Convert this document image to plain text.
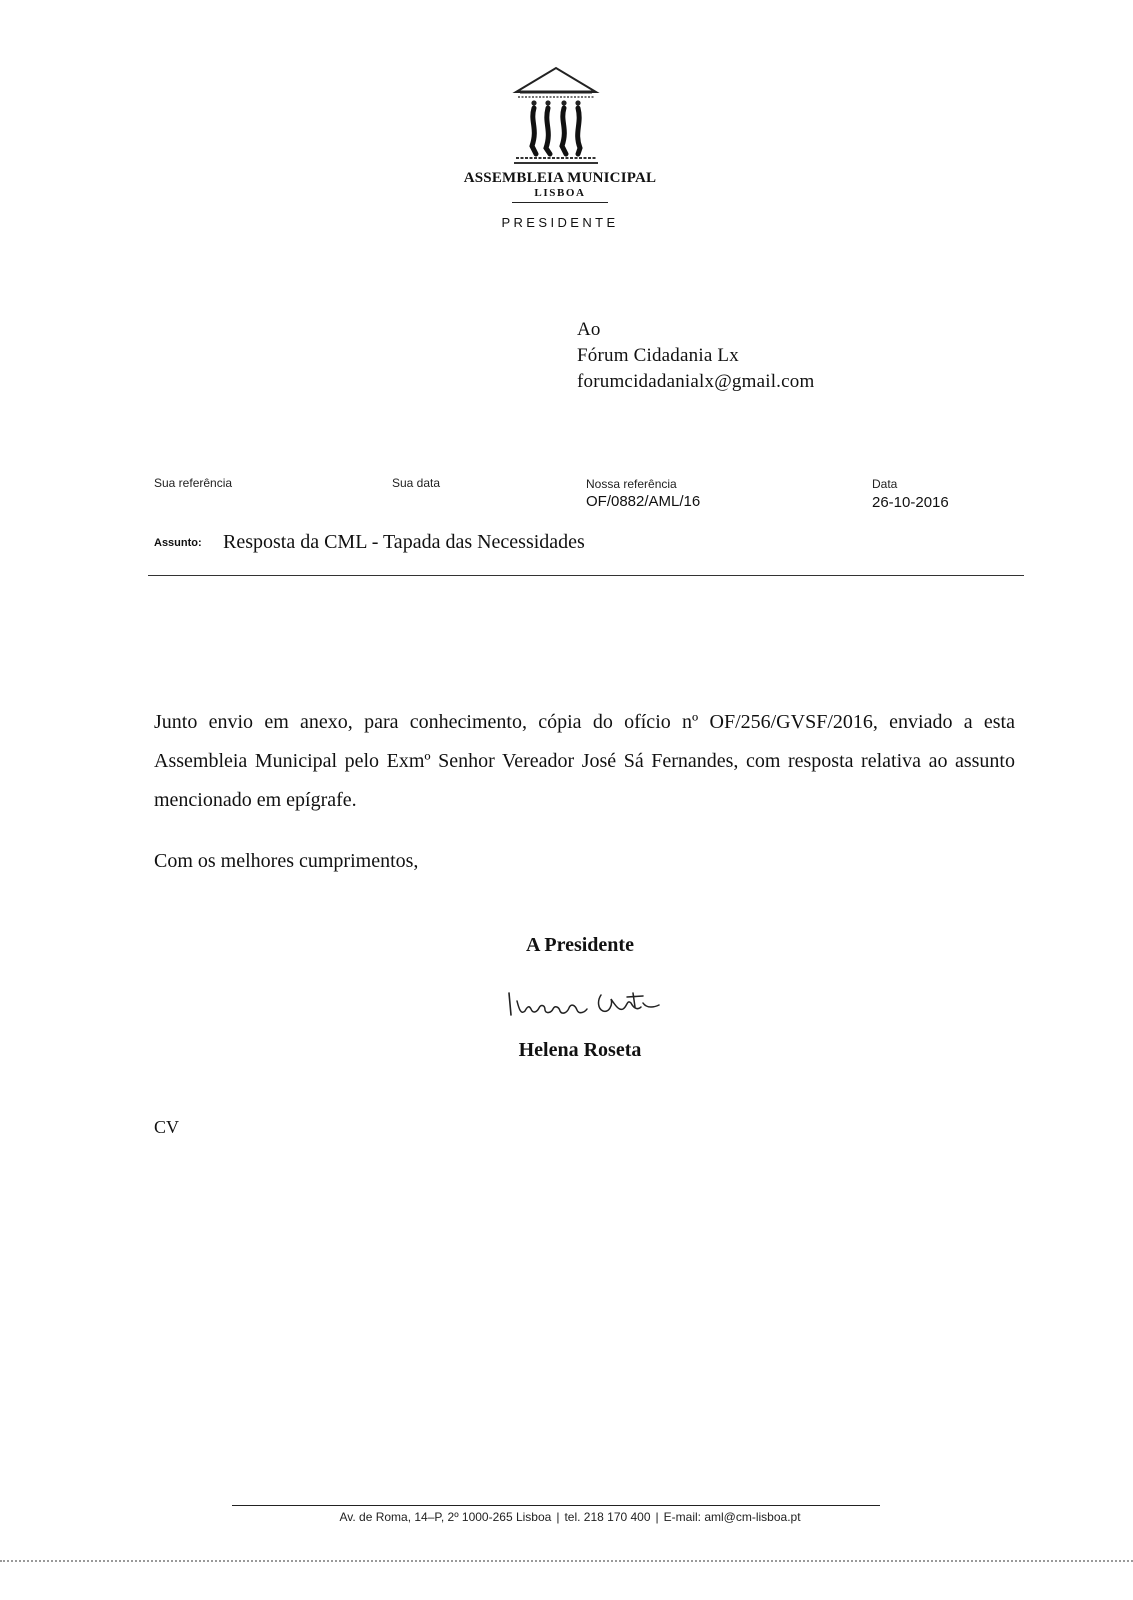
ASSEMBLEIA MUNICIPAL
LISBOA
PRESIDENTE
Ao
Fórum Cidadania Lx
forumcidadanialx@gmail.com
Sua referência	Sua data	Nossa referência
OF/0882/AML/16
Data
26-10-2016
Assunto: Resposta da CML - Tapada das Necessidades
Junto envio em anexo, para conhecimento, cópia do ofício nº OF/256/GVSF/2016, enviado a esta Assembleia Municipal pelo Exmº Senhor Vereador José Sá Fernandes, com resposta relativa ao assunto mencionado em epígrafe.
Com os melhores cumprimentos,
A Presidente
Helena Roseta
CV
Av. de Roma, 14–P, 2º 1000-265 Lisboa | tel. 218 170 400 | E-mail: aml@cm-lisboa.pt
